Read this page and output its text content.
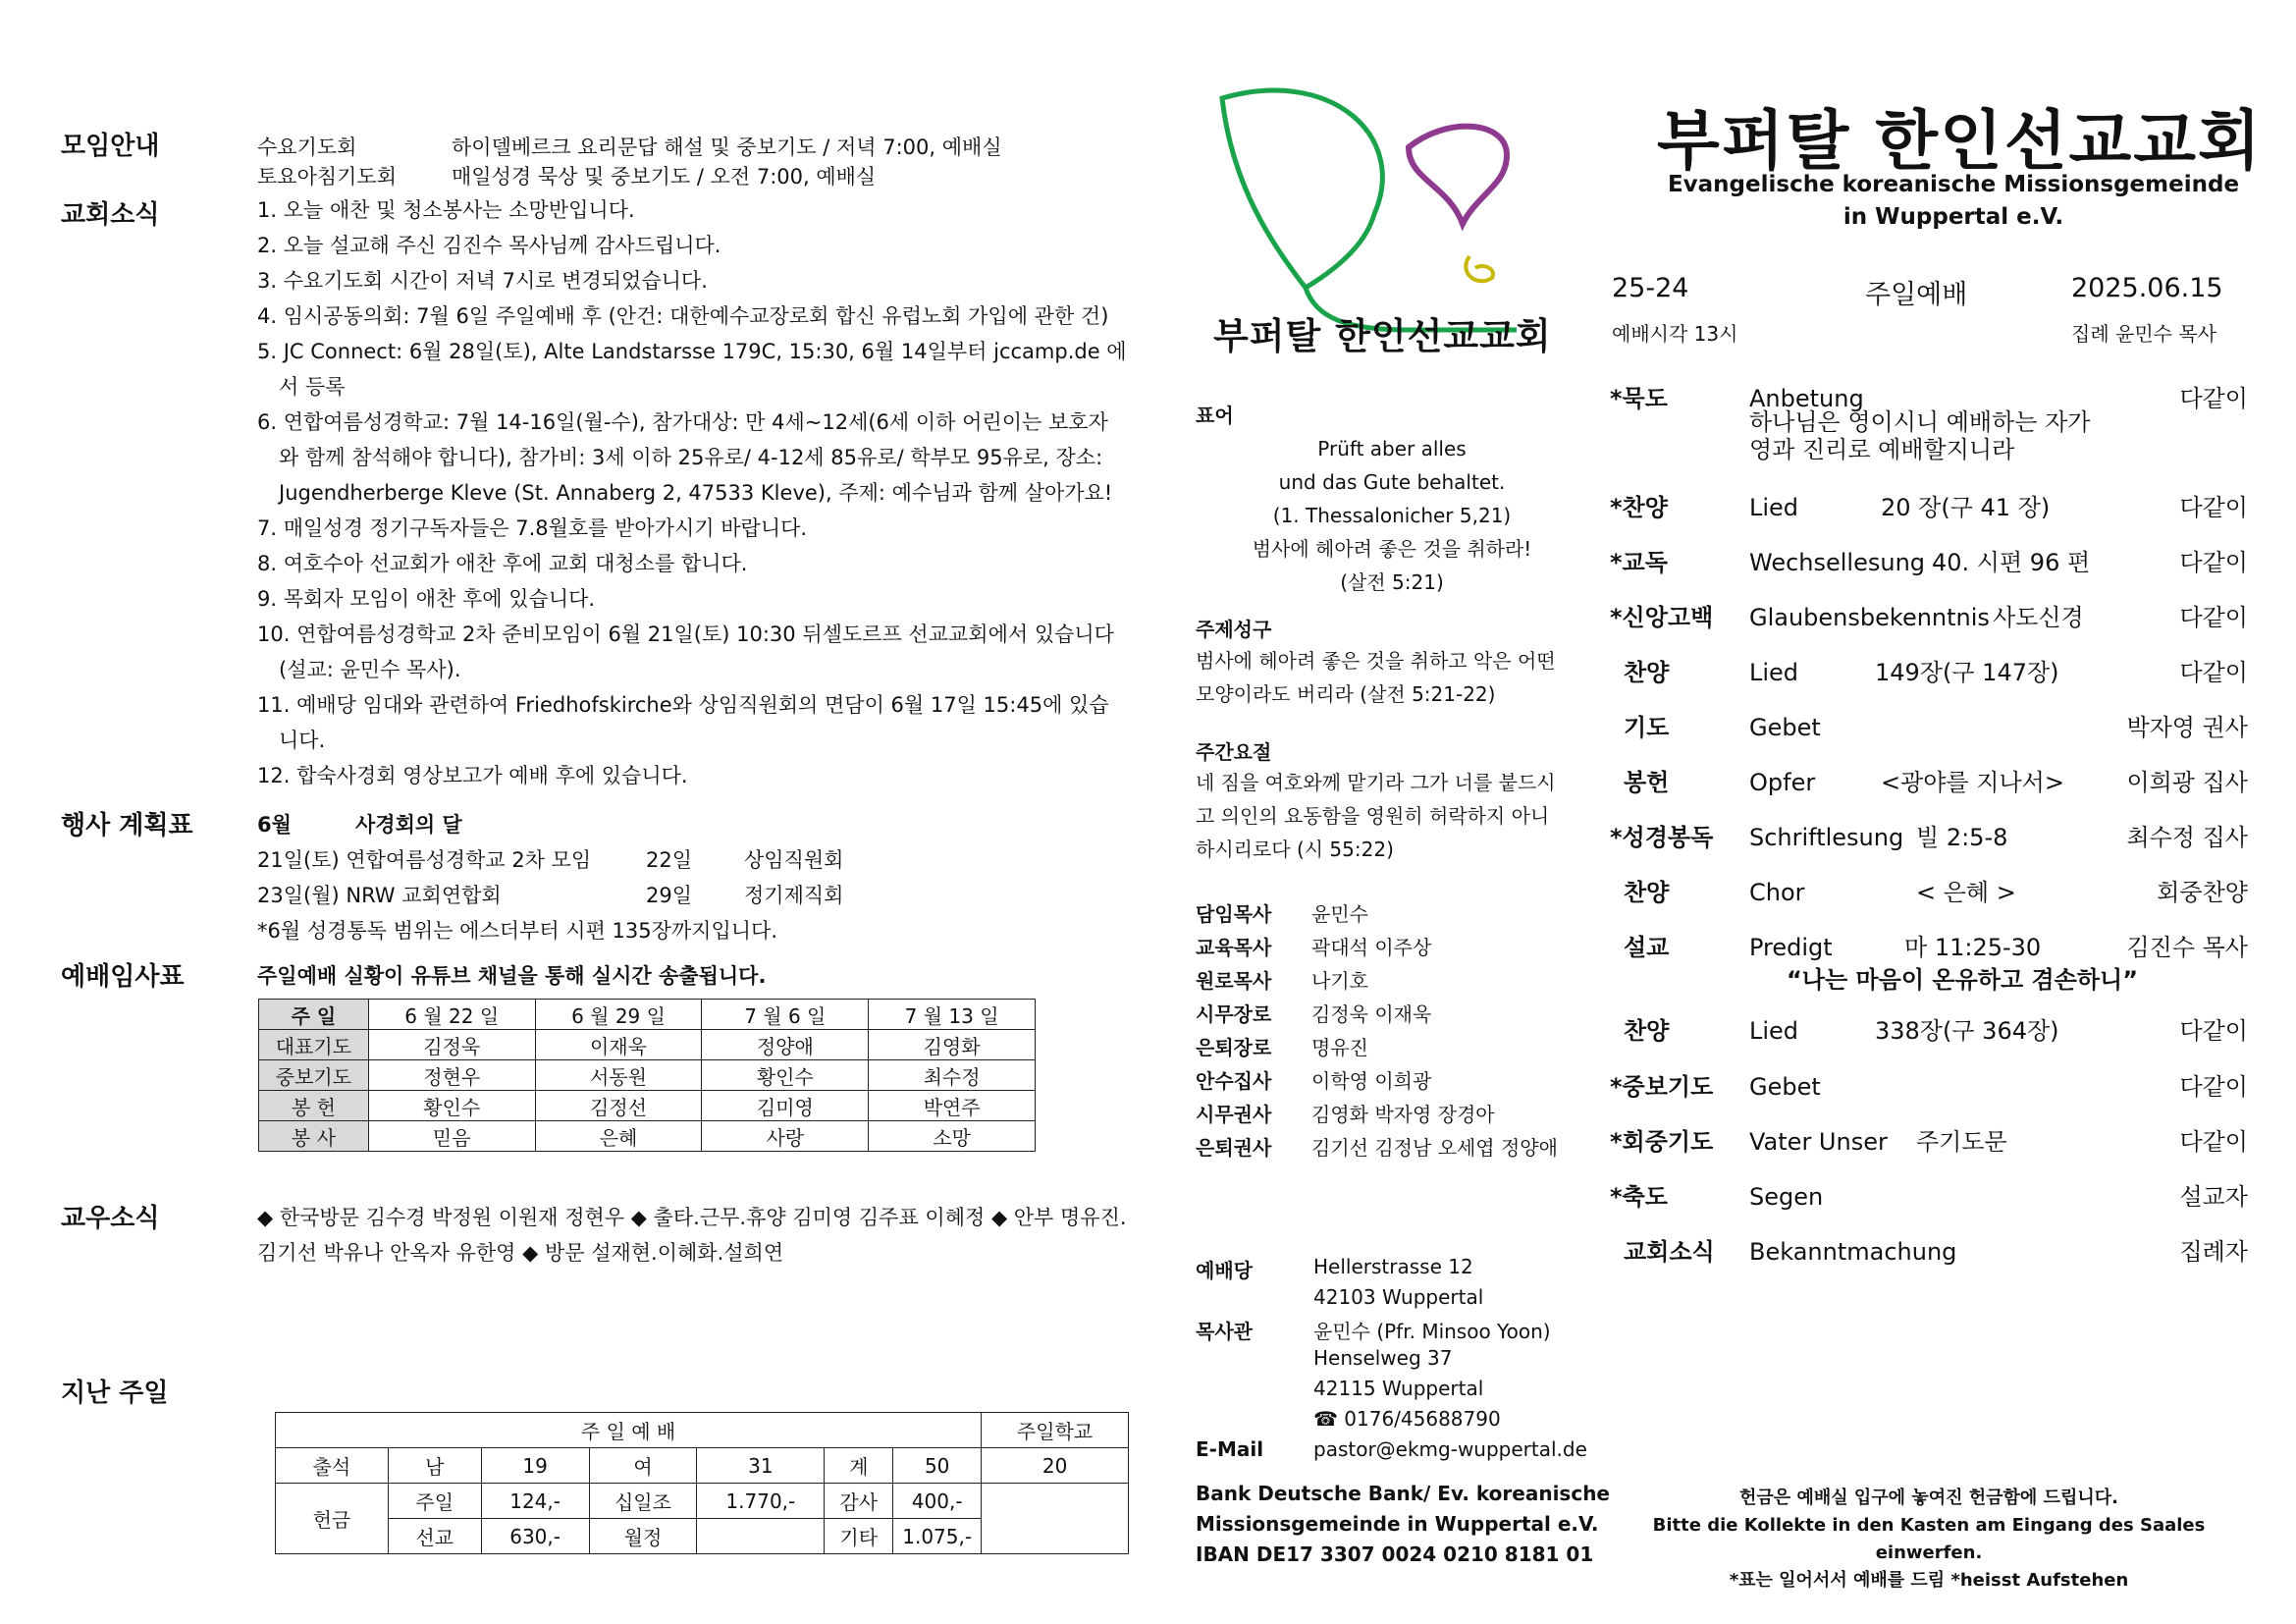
모임안내	수요기도회	하이델베르크 요리문답 해설 및 중보기도 / 저녁 7:00, 예배실
토요아침기도회	매일성경 묵상 및 중보기도 / 오전 7:00, 예배실
교회소식	1. 오늘 애찬 및 청소봉사는 소망반입니다.
2. 오늘 설교해 주신 김진수 목사님께 감사드립니다.
3. 수요기도회 시간이 저녁 7시로 변경되었습니다.
4. 임시공동의회: 7월 6일 주일예배 후 (안건: 대한예수교장로회 합신 유럽노회 가입에 관한 건)
5. JC Connect: 6월 28일(토), Alte Landstarsse 179C, 15:30, 6월 14일부터 jccamp.de 에
서 등록
6. 연합여름성경학교: 7월 14-16일(월-수), 참가대상: 만 4세~12세(6세 이하 어린이는 보호자
와 함께 참석해야 합니다), 참가비: 3세 이하 25유로/ 4-12세 85유로/ 학부모 95유로, 장소:
Jugendherberge Kleve (St. Annaberg 2, 47533 Kleve), 주제: 예수님과 함께 살아가요!
7. 매일성경 정기구독자들은 7.8월호를 받아가시기 바랍니다.
8. 여호수아 선교회가 애찬 후에 교회 대청소를 합니다.
9. 목회자 모임이 애찬 후에 있습니다.
10. 연합여름성경학교 2차 준비모임이 6월 21일(토) 10:30 뒤셀도르프 선교교회에서 있습니다
(설교: 윤민수 목사).
11. 예배당 임대와 관련하여 Friedhofskirche와 상임직원회의 면담이 6월 17일 15:45에 있습
니다.
12. 합숙사경회 영상보고가 예배 후에 있습니다.
행사 계획표	6월	사경회의 달
21일(토) 연합여름성경학교 2차 모임	22일	상임직원회
23일(월) NRW 교회연합회	29일	정기제직회
*6월 성경통독 범위는 에스더부터 시편 135장까지입니다.
예배임사표	주일예배 실황이 유튜브 채널을 통해 실시간 송출됩니다.
주 일	6 월 22 일	6 월 29 일	7 월 6 일	7 월 13 일
대표기도	김정욱	이재욱	정양애	김영화
중보기도	정현우	서동원	황인수	최수정
봉 헌	황인수	김정선	김미영	박연주
봉 사	믿음	은혜	사랑	소망
교우소식	◆ 한국방문 김수경 박정원 이원재 정현우 ◆ 출타.근무.휴양 김미영 김주표 이혜정 ◆ 안부 명유진.
김기선 박유나 안옥자 유한영 ◆ 방문 설재현.이혜화.설희연
지난 주일
주 일 예 배							주일학교
출석	남	19	여	31	계	50	20
헌금	주일	124,-	십일조	1.770,-	감사	400,-	
	선교	630,-	월정		기타	1.075,-	
부퍼탈 한인선교교회
표어
Prüft aber alles
und das Gute behaltet.
(1. Thessalonicher 5,21)
범사에 헤아려 좋은 것을 취하라!
(살전 5:21)
주제성구
범사에 헤아려 좋은 것을 취하고 악은 어떤
모양이라도 버리라 (살전 5:21-22)
주간요절
네 짐을 여호와께 맡기라 그가 너를 붙드시
고 의인의 요동함을 영원히 허락하지 아니
하시리로다 (시 55:22)
담임목사 윤민수
교육목사 곽대석 이주상
원로목사 나기호
시무장로 김정욱 이재욱
은퇴장로 명유진
안수집사 이학영 이희광
시무권사 김영화 박자영 장경아
은퇴권사 김기선 김정남 오세엽 정양애
예배당	Hellerstrasse 12
42103 Wuppertal
목사관	윤민수 (Pfr. Minsoo Yoon)
Henselweg 37
42115 Wuppertal
☎ 0176/45688790
E-Mail	pastor@ekmg-wuppertal.de
Bank Deutsche Bank/ Ev. koreanische
Missionsgemeinde in Wuppertal e.V.
IBAN DE17 3307 0024 0210 8181 01
부퍼탈 한인선교교회
Evangelische koreanische Missionsgemeinde
in Wuppertal e.V.
25-24	주일예배	2025.06.15
예배시각 13시	집례 윤민수 목사
*묵도	Anbetung	다같이
하나님은 영이시니 예배하는 자가
영과 진리로 예배할지니라
*찬양	Lied	20 장(구 41 장)	다같이
*교독	Wechsellesung 40. 시편 96 편	다같이
*신앙고백 Glaubensbekenntnis 사도신경	다같이
찬양	Lied	149장(구 147장)	다같이
기도	Gebet	박자영 권사
봉헌	Opfer	<광야를 지나서>	이희광 집사
*성경봉독 Schriftlesung 빌 2:5-8	최수정 집사
찬양	Chor	< 은혜 >	회중찬양
설교	Predigt	마 11:25-30	김진수 목사
“나는 마음이 온유하고 겸손하니”
찬양	Lied	338장(구 364장)	다같이
*중보기도 Gebet	다같이
*회중기도 Vater Unser 주기도문	다같이
*축도	Segen	설교자
교회소식 Bekanntmachung	집례자
헌금은 예배실 입구에 놓여진 헌금함에 드립니다.
Bitte die Kollekte in den Kasten am Eingang des Saales einwerfen.
*표는 일어서서 예배를 드림 *heisst Aufstehen
